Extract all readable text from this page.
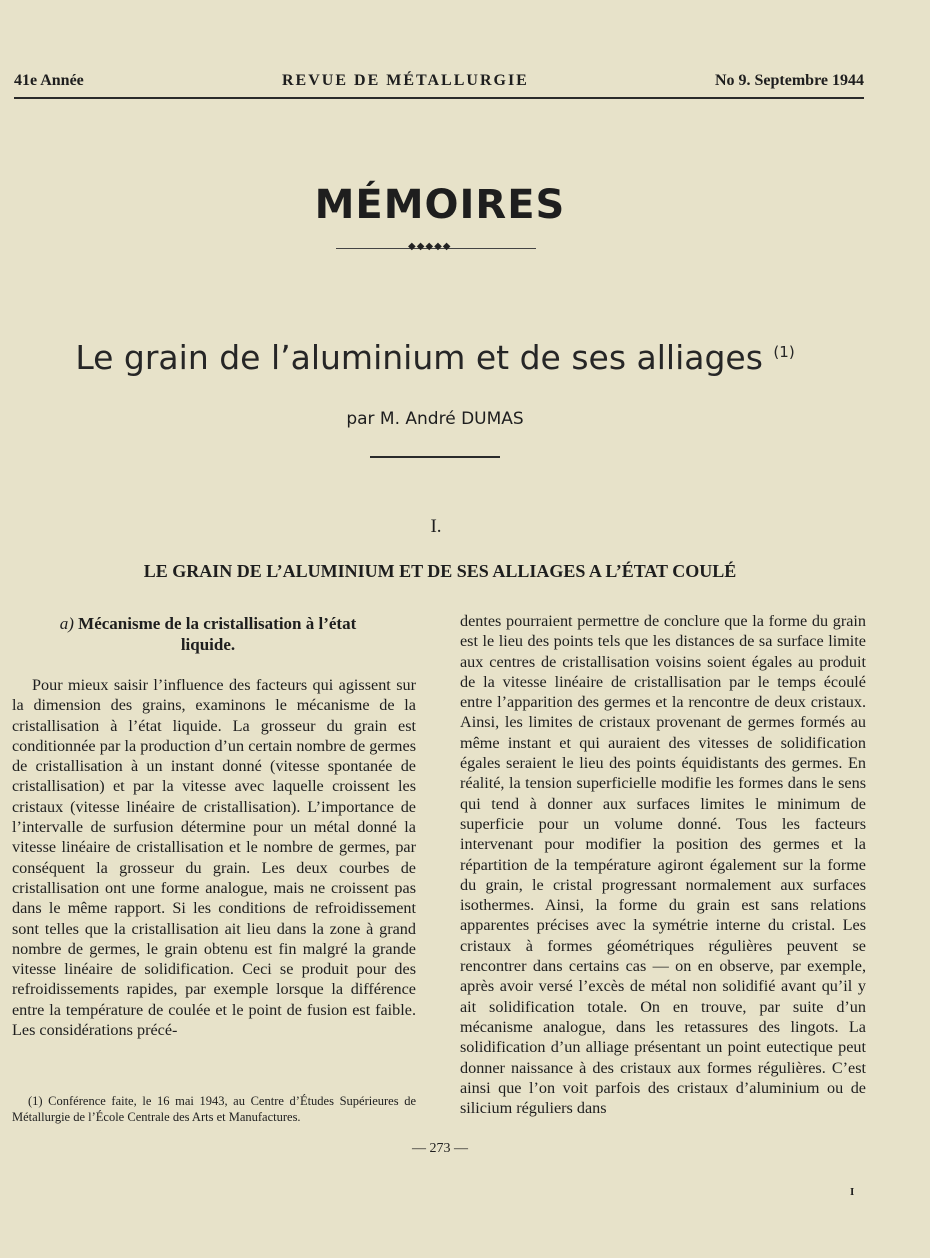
41e Année	REVUE DE MÉTALLURGIE	No 9. Septembre 1944
MÉMOIRES
◆◆◆◆◆
Le grain de l’aluminium et de ses alliages $^{(1)}$
par M. André DUMAS
I.
LE GRAIN DE L’ALUMINIUM ET DE SES ALLIAGES A L’ÉTAT COULÉ
a) Mécanisme de la cristallisation à l’état liquide.

Pour mieux saisir l’influence des facteurs qui agissent sur la dimension des grains, examinons le mécanisme de la cristallisation à l’état liquide. La grosseur du grain est conditionnée par la production d’un certain nombre de germes de cristallisation à un instant donné (vitesse spontanée de cristallisation) et par la vitesse avec laquelle croissent les cristaux (vitesse linéaire de cristallisation). L’importance de l’intervalle de surfusion détermine pour un métal donné la vitesse linéaire de cristallisation et le nombre de germes, par conséquent la grosseur du grain. Les deux courbes de cristallisation ont une forme analogue, mais ne croissent pas dans le même rapport. Si les conditions de refroidissement sont telles que la cristallisation ait lieu dans la zone à grand nombre de germes, le grain obtenu est fin malgré la grande vitesse linéaire de solidification. Ceci se produit pour des refroidissements rapides, par exemple lorsque la différence entre la température de coulée et le point de fusion est faible. Les considérations précé-

dentes pourraient permettre de conclure que la forme du grain est le lieu des points tels que les distances de sa surface limite aux centres de cristallisation voisins soient égales au produit de la vitesse linéaire de cristallisation par le temps écoulé entre l’apparition des germes et la rencontre de deux cristaux. Ainsi, les limites de cristaux provenant de germes formés au même instant et qui auraient des vitesses de solidification égales seraient le lieu des points équidistants des germes. En réalité, la tension superficielle modifie les formes dans le sens qui tend à donner aux surfaces limites le minimum de superficie pour un volume donné. Tous les facteurs intervenant pour modifier la position des germes et la répartition de la température agiront également sur la forme du grain, le cristal progressant normalement aux surfaces isothermes. Ainsi, la forme du grain est sans relations apparentes précises avec la symétrie interne du cristal. Les cristaux à formes géométriques régulières peuvent se rencontrer dans certains cas — on en observe, par exemple, après avoir versé l’excès de métal non solidifié avant qu’il y ait solidification totale. On en trouve, par suite d’un mécanisme analogue, dans les retassures des lingots. La solidification d’un alliage présentant un point eutectique peut donner naissance à des cristaux aux formes régulières. C’est ainsi que l’on voit parfois des cristaux d’aluminium ou de silicium réguliers dans

(1) Conférence faite, le 16 mai 1943, au Centre d’Études Supérieures de Métallurgie de l’École Centrale des Arts et Manufactures.

— 273 —
I
